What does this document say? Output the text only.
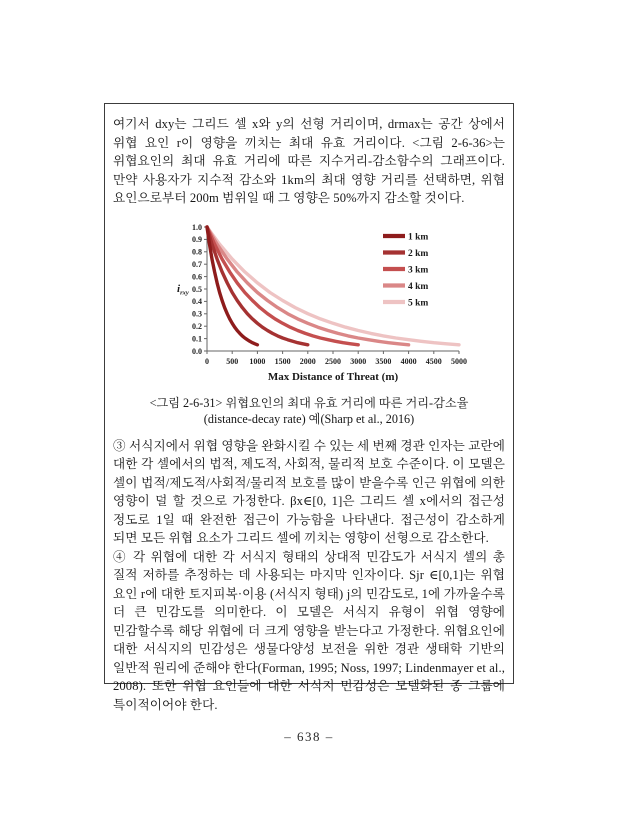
여기서 dxy는 그리드 셀 x와 y의 선형 거리이며, drmax는 공간 상에서 위협 요인 r이 영향을 끼치는 최대 유효 거리이다. <그림 2-6-36>는 위협요인의 최대 유효 거리에 따른 지수거리-감소함수의 그래프이다. 만약 사용자가 지수적 감소와 1km의 최대 영향 거리를 선택하면, 위협 요인으로부터 200m 범위일 때 그 영향은 50%까지 감소할 것이다.

0 500 1000 1500 2000 2500 3000 3500 4000 4500 5000
0.0
0.1
0.2
0.3
0.4
0.5
0.6
0.7
0.8
0.9
1.0
Max Distance of Threat (m)
$i_{rxy}$
1 km
2 km
3 km
4 km
5 km
<그림 2-6-31> 위협요인의 최대 유효 거리에 따른 거리-감소율
(distance-decay rate) 예(Sharp et al., 2016)

③ 서식지에서 위협 영향을 완화시킬 수 있는 세 번째 경관 인자는 교란에 대한 각 셀에서의 법적, 제도적, 사회적, 물리적 보호 수준이다. 이 모델은 셀이 법적/제도적/사회적/물리적 보호를 많이 받을수록 인근 위협에 의한 영향이 덜 할 것으로 가정한다. βx∈[0, 1]은 그리드 셀 x에서의 접근성 정도로 1일 때 완전한 접근이 가능함을 나타낸다. 접근성이 감소하게 되면 모든 위협 요소가 그리드 셀에 끼치는 영향이 선형으로 감소한다.

④ 각 위협에 대한 각 서식지 형태의 상대적 민감도가 서식지 셀의 총 질적 저하를 추정하는 데 사용되는 마지막 인자이다. Sjr ∈[0,1]는 위협 요인 r에 대한 토지피복·이용 (서식지 형태) j의 민감도로, 1에 가까울수록 더 큰 민감도를 의미한다. 이 모델은 서식지 유형이 위협 영향에 민감할수록 해당 위협에 더 크게 영향을 받는다고 가정한다. 위협요인에 대한 서식지의 민감성은 생물다양성 보전을 위한 경관 생태학 기반의 일반적 원리에 준해야 한다(Forman, 1995; Noss, 1997; Lindenmayer et al., 2008). 또한 위협 요인들에 대한 서식지 민감성은 모델화된 종 그룹에 특이적이어야 한다.

– 638 –
